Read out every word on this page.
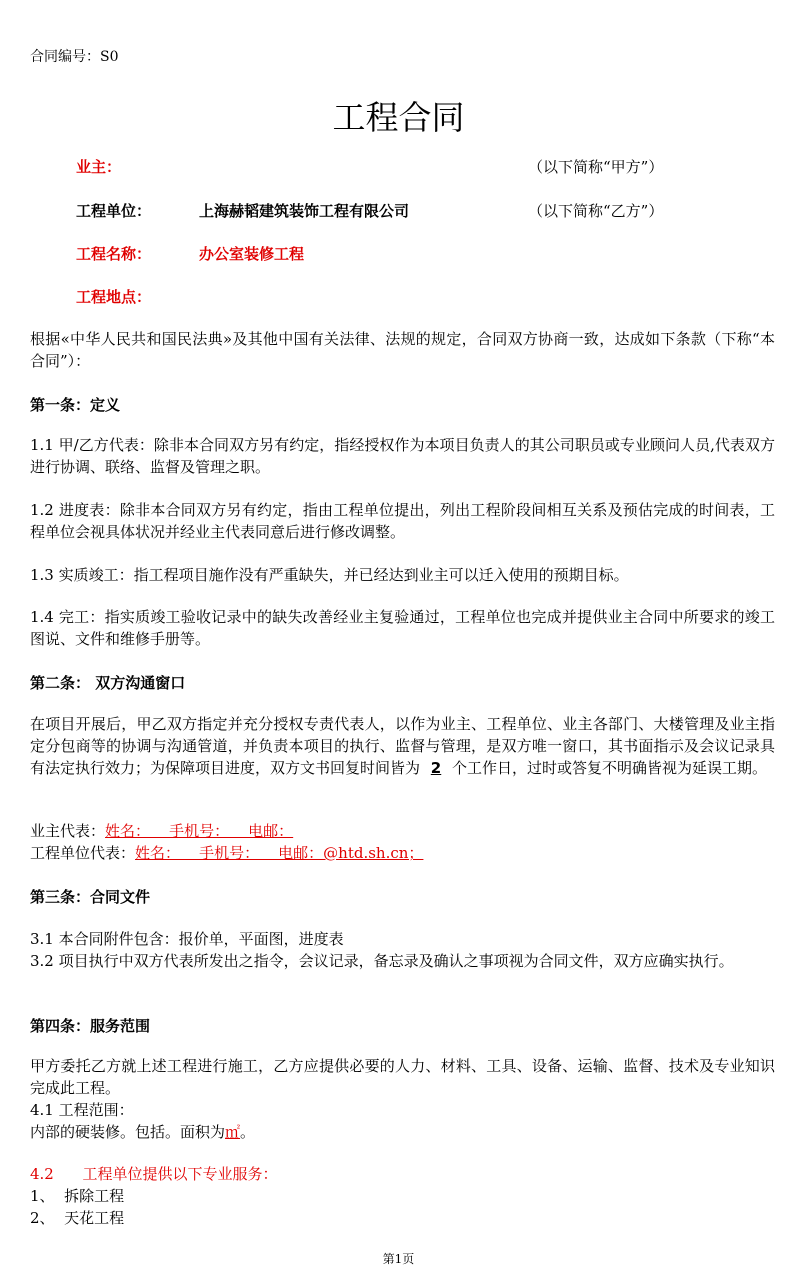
合同编号：S0
工程合同
业主：	（以下简称“甲方”）
工程单位：	上海赫韬建筑装饰工程有限公司	（以下简称“乙方”）
工程名称：	办公室装修工程
工程地点：
根据«中华人民共和国民法典»及其他中国有关法律、法规的规定，合同双方协商一致，达成如下条款（下称“本合同”）：
第一条：定义
1.1 甲/乙方代表：除非本合同双方另有约定，指经授权作为本项目负责人的其公司职员或专业顾问人员,代表双方进行协调、联络、监督及管理之职。
1.2 进度表：除非本合同双方另有约定，指由工程单位提出，列出工程阶段间相互关系及预估完成的时间表，工程单位会视具体状况并经业主代表同意后进行修改调整。
1.3 实质竣工：指工程项目施作没有严重缺失，并已经达到业主可以迁入使用的预期目标。
1.4 完工：指实质竣工验收记录中的缺失改善经业主复验通过，工程单位也完成并提供业主合同中所要求的竣工图说、文件和维修手册等。
第二条： 双方沟通窗口
在项目开展后，甲乙双方指定并充分授权专责代表人，以作为业主、工程单位、业主各部门、大楼管理及业主指定分包商等的协调与沟通管道，并负责本项目的执行、监督与管理，是双方唯一窗口，其书面指示及会议记录具有法定执行效力；为保障项目进度，双方文书回复时间皆为 2 个工作日，过时或答复不明确皆视为延误工期。
业主代表：姓名：    手机号：    电邮：
工程单位代表：姓名：    手机号：    电邮：@htd.sh.cn；
第三条：合同文件
3.1 本合同附件包含：报价单，平面图，进度表
3.2 项目执行中双方代表所发出之指令，会议记录，备忘录及确认之事项视为合同文件，双方应确实执行。
第四条：服务范围
甲方委托乙方就上述工程进行施工，乙方应提供必要的人力、材料、工具、设备、运输、监督、技术及专业知识完成此工程。
4.1 工程范围：
内部的硬装修。包括。面积为㎡。
4.2      工程单位提供以下专业服务：
1、  拆除工程
2、  天花工程
第1页
